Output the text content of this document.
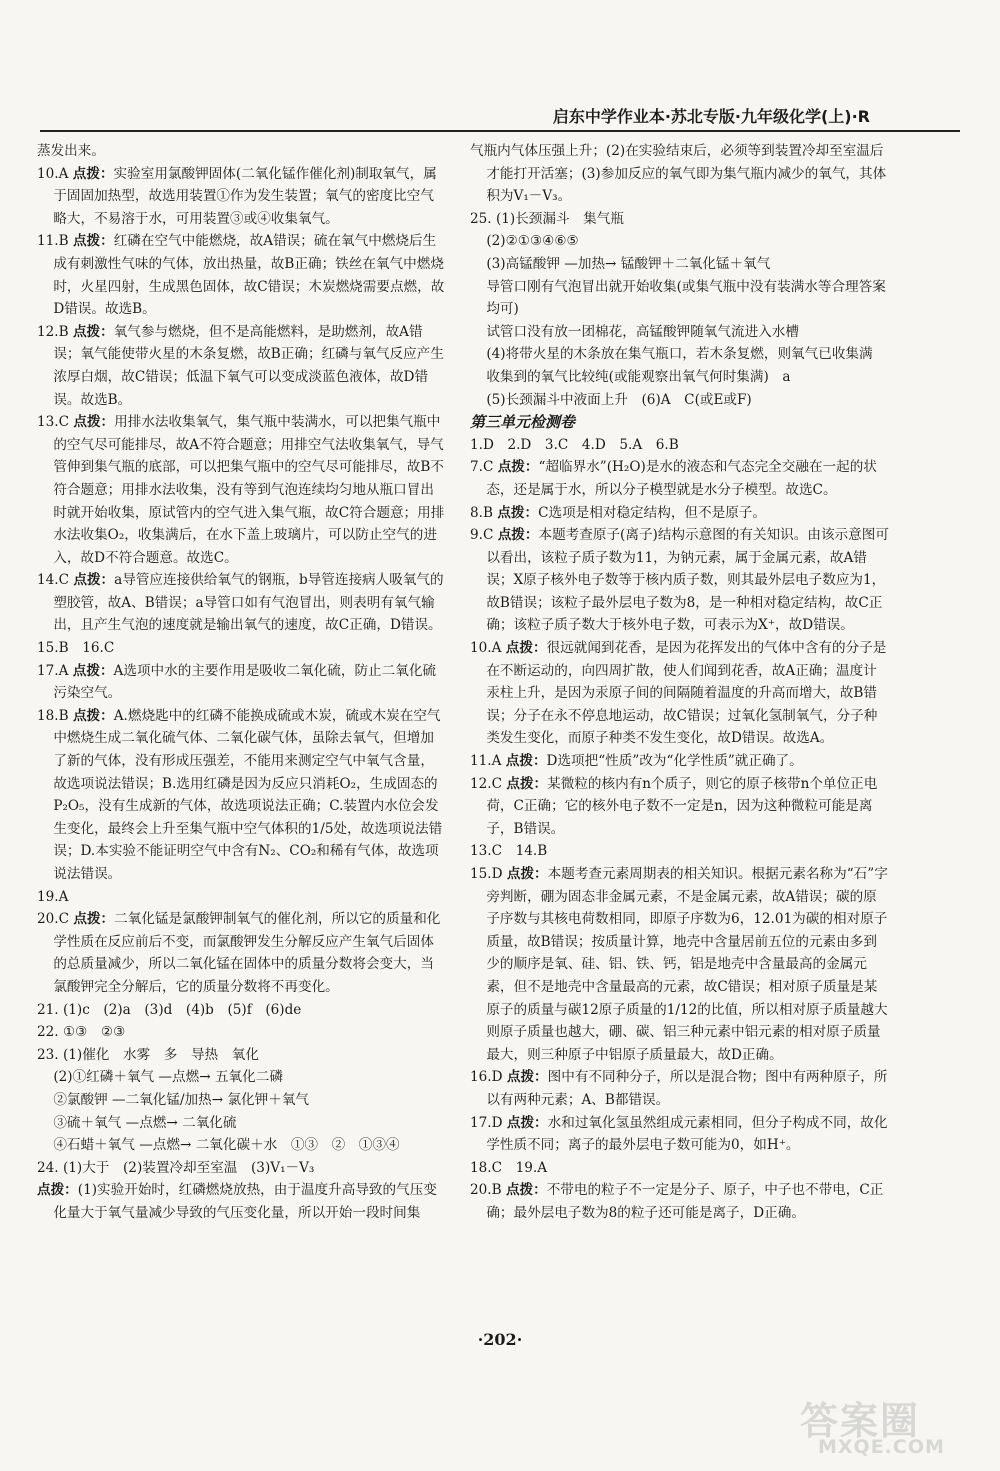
启东中学作业本·苏北专版·九年级化学(上)·R

蒸发出来。

10.A 点拨：实验室用氯酸钾固体(二氧化锰作催化剂)制取氧气，属于固固加热型，故选用装置①作为发生装置；氧气的密度比空气略大，不易溶于水，可用装置③或④收集氧气。

11.B 点拨：红磷在空气中能燃烧，故A错误；硫在氧气中燃烧后生成有刺激性气味的气体，放出热量，故B正确；铁丝在氧气中燃烧时，火星四射，生成黑色固体，故C错误；木炭燃烧需要点燃，故D错误。故选B。

12.B 点拨：氧气参与燃烧，但不是高能燃料，是助燃剂，故A错误；氧气能使带火星的木条复燃，故B正确；红磷与氧气反应产生浓厚白烟，故C错误；低温下氧气可以变成淡蓝色液体，故D错误。故选B。

13.C 点拨：用排水法收集氧气，集气瓶中装满水，可以把集气瓶中的空气尽可能排尽，故A不符合题意；用排空气法收集氧气，导气管伸到集气瓶的底部，可以把集气瓶中的空气尽可能排尽，故B不符合题意；用排水法收集，没有等到气泡连续均匀地从瓶口冒出时就开始收集，原试管内的空气进入集气瓶，故C符合题意；用排水法收集O₂，收集满后，在水下盖上玻璃片，可以防止空气的进入，故D不符合题意。故选C。

14.C 点拨：a导管应连接供给氧气的钢瓶，b导管连接病人吸氧气的塑胶管，故A、B错误；a导管口如有气泡冒出，则表明有氧气输出，且产生气泡的速度就是输出氧气的速度，故C正确，D错误。

15.B　16.C

17.A 点拨：A选项中水的主要作用是吸收二氧化硫，防止二氧化硫污染空气。

18.B 点拨：A.燃烧匙中的红磷不能换成硫或木炭，硫或木炭在空气中燃烧生成二氧化硫气体、二氧化碳气体，虽除去氧气，但增加了新的气体，没有形成压强差，不能用来测定空气中氧气含量，故选项说法错误；B.选用红磷是因为反应只消耗O₂，生成固态的P₂O₅，没有生成新的气体，故选项说法正确；C.装置内水位会发生变化，最终会上升至集气瓶中空气体积的1/5处，故选项说法错误；D.本实验不能证明空气中含有N₂、CO₂和稀有气体，故选项说法错误。

19.A

20.C 点拨：二氧化锰是氯酸钾制氧气的催化剂，所以它的质量和化学性质在反应前后不变，而氯酸钾发生分解反应产生氧气后固体的总质量减少，所以二氧化锰在固体中的质量分数将会变大，当氯酸钾完全分解后，它的质量分数将不再变化。

21. (1)c　(2)a　(3)d　(4)b　(5)f　(6)de

22. ①③　②③

23. (1)催化　水雾　多　导热　氧化

(2)①红磷＋氧气 —点燃→ 五氧化二磷

②氯酸钾 —二氧化锰/加热→ 氯化钾＋氧气

③硫＋氧气 —点燃→ 二氧化硫

④石蜡＋氧气 —点燃→ 二氧化碳＋水　①③　②　①③④

24. (1)大于　(2)装置冷却至室温　(3)V₁－V₃

点拨：(1)实验开始时，红磷燃烧放热，由于温度升高导致的气压变化量大于氧气量减少导致的气压变化量，所以开始一段时间集

气瓶内气体压强上升；(2)在实验结束后，必须等到装置冷却至室温后才能打开活塞；(3)参加反应的氧气即为集气瓶内减少的氧气，其体积为V₁－V₃。

25. (1)长颈漏斗　集气瓶

(2)②①③④⑥⑤

(3)高锰酸钾 —加热→ 锰酸钾＋二氧化锰＋氧气

导管口刚有气泡冒出就开始收集(或集气瓶中没有装满水等合理答案均可)

试管口没有放一团棉花，高锰酸钾随氧气流进入水槽

(4)将带火星的木条放在集气瓶口，若木条复燃，则氧气已收集满　收集到的氧气比较纯(或能观察出氧气何时集满)　a

(5)长颈漏斗中液面上升　(6)A　C(或E或F)

第三单元检测卷

1.D　2.D　3.C　4.D　5.A　6.B

7.C 点拨：“超临界水”(H₂O)是水的液态和气态完全交融在一起的状态，还是属于水，所以分子模型就是水分子模型。故选C。

8.B 点拨：C选项是相对稳定结构，但不是原子。

9.C 点拨：本题考查原子(离子)结构示意图的有关知识。由该示意图可以看出，该粒子质子数为11，为钠元素，属于金属元素，故A错误；X原子核外电子数等于核内质子数，则其最外层电子数应为1，故B错误；该粒子最外层电子数为8，是一种相对稳定结构，故C正确；该粒子质子数大于核外电子数，可表示为X⁺，故D错误。

10.A 点拨：很远就闻到花香，是因为花挥发出的气体中含有的分子是在不断运动的，向四周扩散，使人们闻到花香，故A正确；温度计汞柱上升，是因为汞原子间的间隔随着温度的升高而增大，故B错误；分子在永不停息地运动，故C错误；过氧化氢制氧气，分子种类发生变化，而原子种类不发生变化，故D错误。故选A。

11.A 点拨：D选项把“性质”改为“化学性质”就正确了。

12.C 点拨：某微粒的核内有n个质子，则它的原子核带n个单位正电荷，C正确；它的核外电子数不一定是n，因为这种微粒可能是离子，B错误。

13.C　14.B

15.D 点拨：本题考查元素周期表的相关知识。根据元素名称为“石”字旁判断，硼为固态非金属元素，不是金属元素，故A错误；碳的原子序数与其核电荷数相同，即原子序数为6，12.01为碳的相对原子质量，故B错误；按质量计算，地壳中含量居前五位的元素由多到少的顺序是氧、硅、铝、铁、钙，铝是地壳中含量最高的金属元素，但不是地壳中含量最高的元素，故C错误；相对原子质量是某原子的质量与碳12原子质量的1/12的比值，所以相对原子质量越大则原子质量也越大，硼、碳、铝三种元素中铝元素的相对原子质量最大，则三种原子中铝原子质量最大，故D正确。

16.D 点拨：图中有不同种分子，所以是混合物；图中有两种原子，所以有两种元素；A、B都错误。

17.D 点拨：水和过氧化氢虽然组成元素相同，但分子构成不同，故化学性质不同；离子的最外层电子数可能为0，如H⁺。

18.C　19.A

20.B 点拨：不带电的粒子不一定是分子、原子，中子也不带电，C正确；最外层电子数为8的粒子还可能是离子，D正确。

·202·
答案圈
MXQE.COM
